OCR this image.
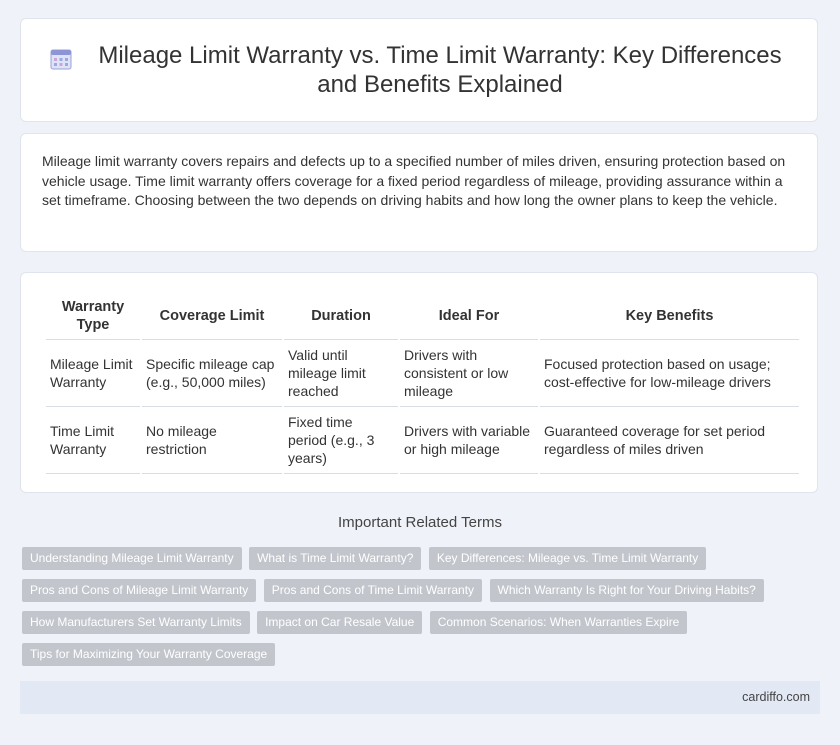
Mileage Limit Warranty vs. Time Limit Warranty: Key Differences and Benefits Explained

Mileage limit warranty covers repairs and defects up to a specified number of miles driven, ensuring protection based on vehicle usage. Time limit warranty offers coverage for a fixed period regardless of mileage, providing assurance within a set timeframe. Choosing between the two depends on driving habits and how long the owner plans to keep the vehicle.

Warranty Type	Coverage Limit	Duration	Ideal For	Key Benefits
Mileage Limit Warranty	Specific mileage cap (e.g., 50,000 miles)	Valid until mileage limit reached	Drivers with consistent or low mileage	Focused protection based on usage; cost-effective for low-mileage drivers
Time Limit Warranty	No mileage restriction	Fixed time period (e.g., 3 years)	Drivers with variable or high mileage	Guaranteed coverage for set period regardless of miles driven
Important Related Terms
Understanding Mileage Limit Warranty What is Time Limit Warranty? Key Differences: Mileage vs. Time Limit Warranty Pros and Cons of Mileage Limit Warranty Pros and Cons of Time Limit Warranty Which Warranty Is Right for Your Driving Habits? How Manufacturers Set Warranty Limits Impact on Car Resale Value Common Scenarios: When Warranties Expire Tips for Maximizing Your Warranty Coverage
cardiffo.com
